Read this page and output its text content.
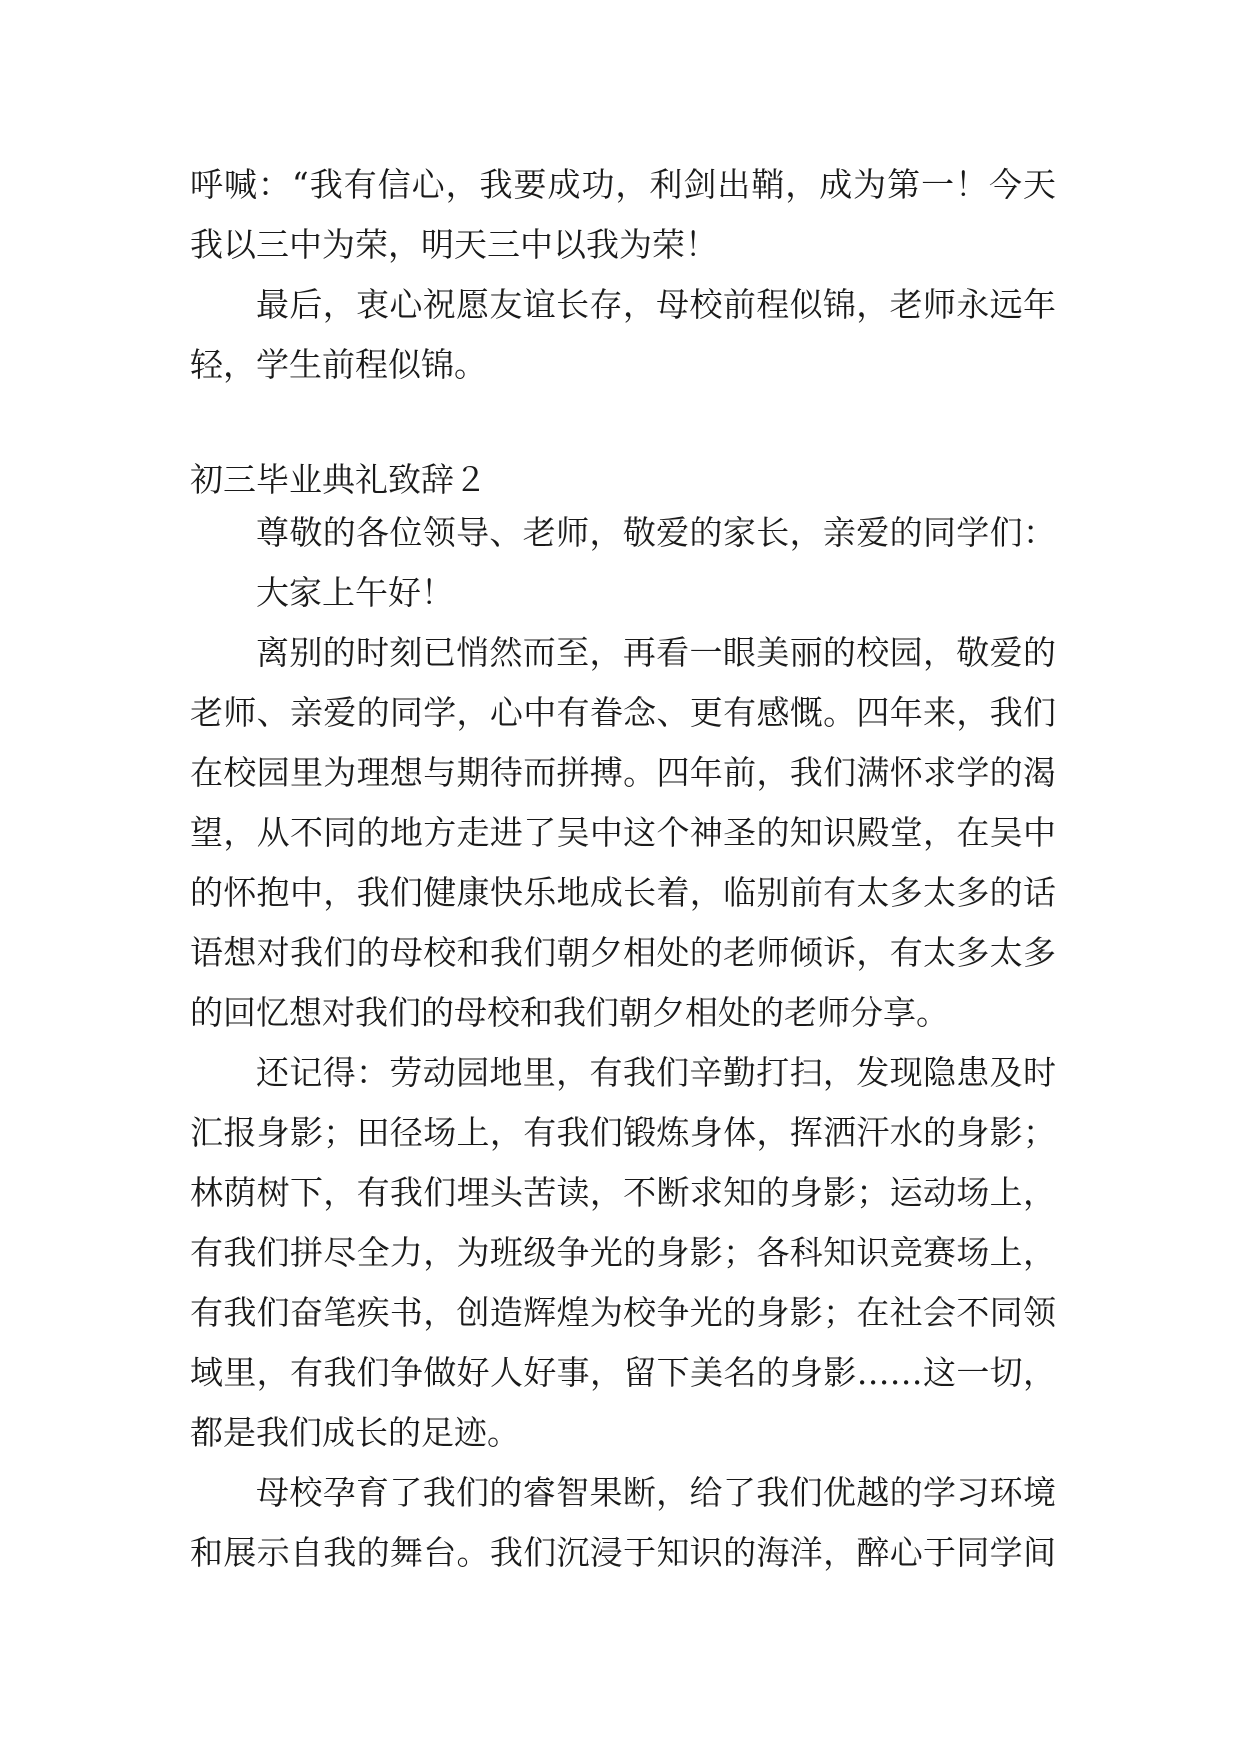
呼喊：“我有信心，我要成功，利剑出鞘，成为第一！今天
我以三中为荣，明天三中以我为荣！
最后，衷心祝愿友谊长存，母校前程似锦，老师永远年
轻，学生前程似锦。
初三毕业典礼致辞２
尊敬的各位领导、老师，敬爱的家长，亲爱的同学们：
大家上午好！
离别的时刻已悄然而至，再看一眼美丽的校园，敬爱的
老师、亲爱的同学，心中有眷念、更有感慨。四年来，我们
在校园里为理想与期待而拼搏。四年前，我们满怀求学的渴
望，从不同的地方走进了吴中这个神圣的知识殿堂，在吴中
的怀抱中，我们健康快乐地成长着，临别前有太多太多的话
语想对我们的母校和我们朝夕相处的老师倾诉，有太多太多
的回忆想对我们的母校和我们朝夕相处的老师分享。
还记得：劳动园地里，有我们辛勤打扫，发现隐患及时
汇报身影；田径场上，有我们锻炼身体，挥洒汗水的身影；
林荫树下，有我们埋头苦读，不断求知的身影；运动场上，
有我们拼尽全力，为班级争光的身影；各科知识竞赛场上，
有我们奋笔疾书，创造辉煌为校争光的身影；在社会不同领
域里，有我们争做好人好事，留下美名的身影……这一切，
都是我们成长的足迹。
母校孕育了我们的睿智果断，给了我们优越的学习环境
和展示自我的舞台。我们沉浸于知识的海洋，醉心于同学间
